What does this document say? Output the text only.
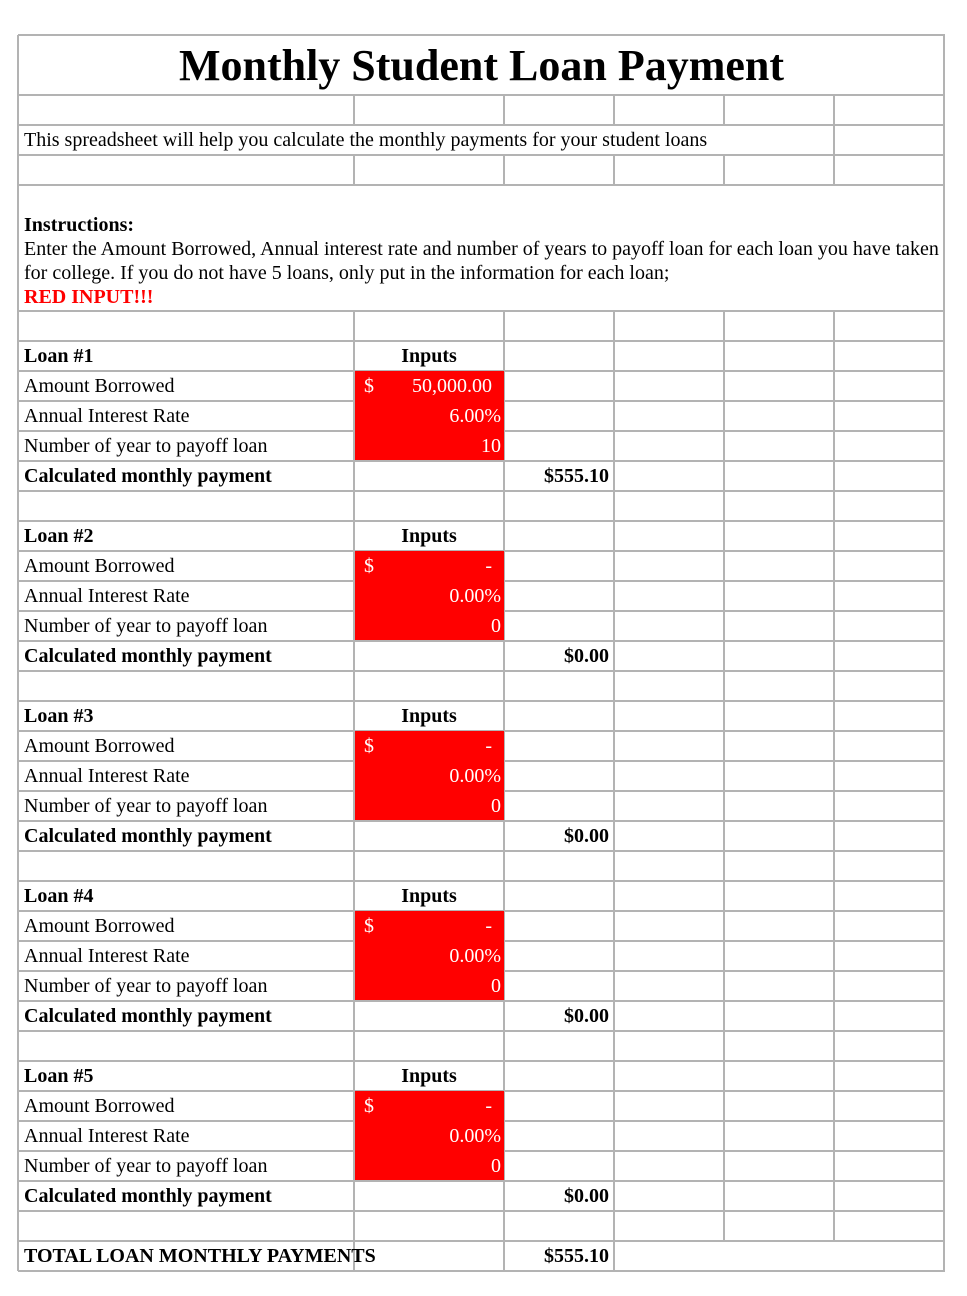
Monthly Student Loan Payment
This spreadsheet will help you calculate the monthly payments for your student loans
Instructions:
Enter the Amount Borrowed, Annual interest rate and number of years to payoff loan for each loan you have taken for college. If you do not have 5 loans, only put in the information for each loan;
RED INPUT!!!
Loan #1	Inputs
Amount Borrowed	$	50,000.00
Annual Interest Rate	6.00%
Number of year to payoff loan	10
Calculated monthly payment	$555.10
Loan #2	Inputs
Amount Borrowed	$	-
Annual Interest Rate	0.00%
Number of year to payoff loan	0
Calculated monthly payment	$0.00
Loan #3	Inputs
Amount Borrowed	$	-
Annual Interest Rate	0.00%
Number of year to payoff loan	0
Calculated monthly payment	$0.00
Loan #4	Inputs
Amount Borrowed	$	-
Annual Interest Rate	0.00%
Number of year to payoff loan	0
Calculated monthly payment	$0.00
Loan #5	Inputs
Amount Borrowed	$	-
Annual Interest Rate	0.00%
Number of year to payoff loan	0
Calculated monthly payment	$0.00
TOTAL LOAN MONTHLY PAYMENTS	$555.10
